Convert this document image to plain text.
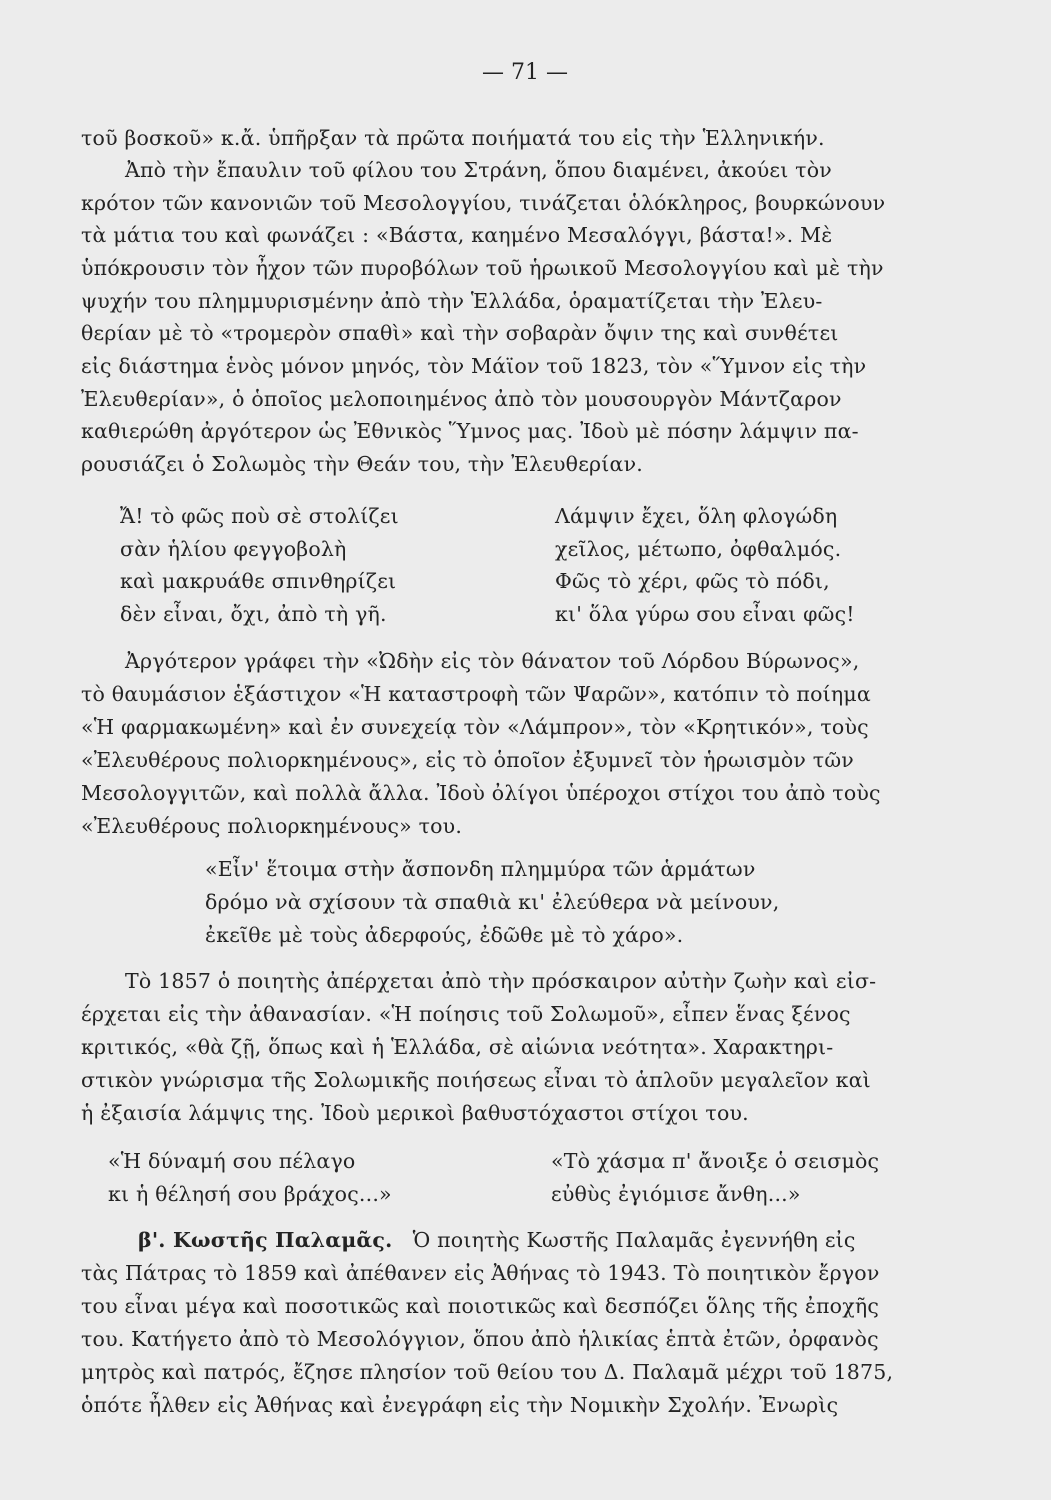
— 71 —
τοῦ βοσκοῦ» κ.ἄ. ὑπῆρξαν τὰ πρῶτα ποιήματά του εἰς τὴν Ἑλληνικήν.
Ἀπὸ τὴν ἔπαυλιν τοῦ φίλου του Στράνη, ὅπου διαμένει, ἀκούει τὸν
κρότον τῶν κανονιῶν τοῦ Μεσολογγίου, τινάζεται ὁλόκληρος, βουρκώνουν
τὰ μάτια του καὶ φωνάζει : «Βάστα, καημένο Μεσαλόγγι, βάστα!». Μὲ
ὑπόκρουσιν τὸν ἦχον τῶν πυροβόλων τοῦ ἡρωικοῦ Μεσολογγίου καὶ μὲ τὴν
ψυχήν του πλημμυρισμένην ἀπὸ τὴν Ἑλλάδα, ὁραματίζεται τὴν Ἐλευ-
θερίαν μὲ τὸ «τρομερὸν σπαθὶ» καὶ τὴν σοβαρὰν ὄψιν της καὶ συνθέτει
εἰς διάστημα ἑνὸς μόνον μηνός, τὸν Μάϊον τοῦ 1823, τὸν «Ὕμνον εἰς τὴν
Ἐλευθερίαν», ὁ ὁποῖος μελοποιημένος ἀπὸ τὸν μουσουργὸν Μάντζαρον
καθιερώθη ἀργότερον ὡς Ἐθνικὸς Ὕμνος μας. Ἰδοὺ μὲ πόσην λάμψιν πα-
ρουσιάζει ὁ Σολωμὸς τὴν Θεάν του, τὴν Ἐλευθερίαν.
Ἄ! τὸ φῶς ποὺ σὲ στολίζει
σὰν ἡλίου φεγγοβολὴ
καὶ μακρυάθε σπινθηρίζει
δὲν εἶναι, ὄχι, ἀπὸ τὴ γῆ.
Λάμψιν ἔχει, ὅλη φλογώδη
χεῖλος, μέτωπο, ὀφθαλμός.
Φῶς τὸ χέρι, φῶς τὸ πόδι,
κι' ὅλα γύρω σου εἶναι φῶς!
Ἀργότερον γράφει τὴν «Ὠδὴν εἰς τὸν θάνατον τοῦ Λόρδου Βύρωνος»,
τὸ θαυμάσιον ἑξάστιχον «Ἡ καταστροφὴ τῶν Ψαρῶν», κατόπιν τὸ ποίημα
«Ἡ φαρμακωμένη» καὶ ἐν συνεχείᾳ τὸν «Λάμπρον», τὸν «Κρητικόν», τοὺς
«Ἐλευθέρους πολιορκημένους», εἰς τὸ ὁποῖον ἐξυμνεῖ τὸν ἡρωισμὸν τῶν
Μεσολογγιτῶν, καὶ πολλὰ ἄλλα. Ἰδοὺ ὀλίγοι ὑπέροχοι στίχοι του ἀπὸ τοὺς
«Ἐλευθέρους πολιορκημένους» του.
«Εἶν' ἕτοιμα στὴν ἄσπονδη πλημμύρα τῶν ἁρμάτων
δρόμο νὰ σχίσουν τὰ σπαθιὰ κι' ἐλεύθερα νὰ μείνουν,
ἐκεῖθε μὲ τοὺς ἀδερφούς, ἐδῶθε μὲ τὸ χάρο».
Τὸ 1857 ὁ ποιητὴς ἀπέρχεται ἀπὸ τὴν πρόσκαιρον αὐτὴν ζωὴν καὶ εἰσ-
έρχεται εἰς τὴν ἀθανασίαν. «Ἡ ποίησις τοῦ Σολωμοῦ», εἶπεν ἕνας ξένος
κριτικός, «θὰ ζῇ, ὅπως καὶ ἡ Ἑλλάδα, σὲ αἰώνια νεότητα». Χαρακτηρι-
στικὸν γνώρισμα τῆς Σολωμικῆς ποιήσεως εἶναι τὸ ἁπλοῦν μεγαλεῖον καὶ
ἡ ἐξαισία λάμψις της. Ἰδοὺ μερικοὶ βαθυστόχαστοι στίχοι του.
«Ἡ δύναμή σου πέλαγο
κι ἡ θέλησή σου βράχος...»
«Τὸ χάσμα π' ἄνοιξε ὁ σεισμὸς
εὐθὺς ἐγιόμισε ἄνθη...»
β'. Κωστῆς Παλαμᾶς. Ὁ ποιητὴς Κωστῆς Παλαμᾶς ἐγεννήθη εἰς
τὰς Πάτρας τὸ 1859 καὶ ἀπέθανεν εἰς Ἀθήνας τὸ 1943. Τὸ ποιητικὸν ἔργον
του εἶναι μέγα καὶ ποσοτικῶς καὶ ποιοτικῶς καὶ δεσπόζει ὅλης τῆς ἐποχῆς
του. Κατήγετο ἀπὸ τὸ Μεσολόγγιον, ὅπου ἀπὸ ἡλικίας ἑπτὰ ἐτῶν, ὀρφανὸς
μητρὸς καὶ πατρός, ἔζησε πλησίον τοῦ θείου του Δ. Παλαμᾶ μέχρι τοῦ 1875,
ὁπότε ἦλθεν εἰς Ἀθήνας καὶ ἐνεγράφη εἰς τὴν Νομικὴν Σχολήν. Ἐνωρὶς
